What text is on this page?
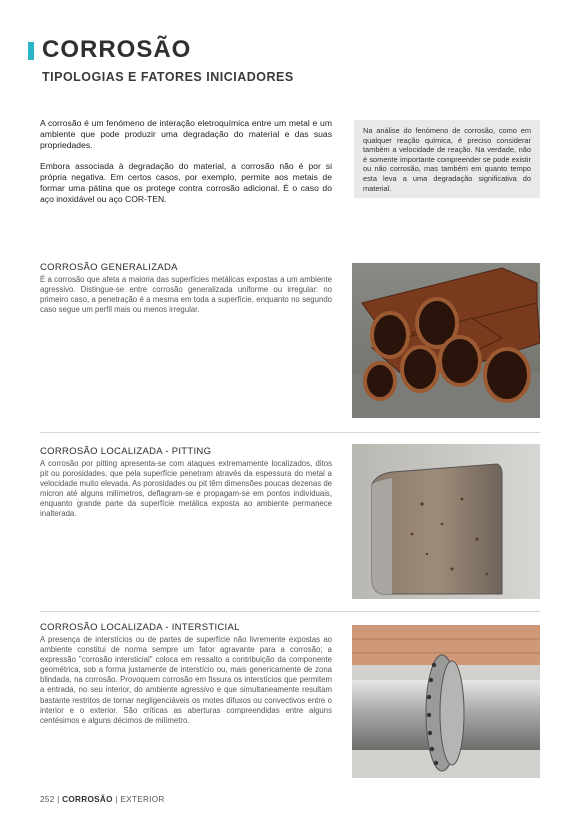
CORROSÃO
TIPOLOGIAS E FATORES INICIADORES

A corrosão é um fenómeno de interação eletroquímica entre um metal e um ambiente que pode produzir uma degradação do material e das suas propriedades.

Embora associada à degradação do material, a corrosão não é por si própria negativa. Em certos casos, por exemplo, permite aos metais de formar uma pátina que os protege contra corrosão adicional. É o caso do aço inoxidável ou aço COR-TEN.

Na análise do fenómeno de corrosão, como em qualquer reação química, é preciso considerar também a velocidade de reação. Na verdade, não é somente importante compreender se pode existir ou não corrosão, mas também em quanto tempo esta leva a uma degradação significativa do material.
CORROSÃO GENERALIZADA
É a corrosão que afeta a maioria das superfícies metálicas expostas a um ambiente agressivo. Distingue-se entre corrosão generalizada uniforme ou irregular: no primeiro caso, a penetração é a mesma em toda a superfície, enquanto no segundo caso segue um perfil mais ou menos irregular.
CORROSÃO LOCALIZADA - PITTING
A corrosão por pitting apresenta-se com ataques extremamente localizados, ditos pit ou porosidades, que pela superfície penetram através da espessura do metal a velocidade muito elevada. As porosidades ou pit têm dimensões poucas dezenas de micron até alguns milímetros, deflagram-se e propagam-se em pontos individuais, enquanto grande parte da superfície metálica exposta ao ambiente permanece inalterada.
CORROSÃO LOCALIZADA - INTERSTICIAL
A presença de interstícios ou de partes de superfície não livremente expostas ao ambiente constitui de norma sempre um fator agravante para a corrosão; a expressão "corrosão intersticial" coloca em ressalto a contribuição da componente geométrica, sob a forma justamente de interstício ou, mais genericamente de zona blindada, na corrosão. Provoquem corrosão em fissura os interstícios que permitem a entrada, no seu interior, do ambiente agressivo e que simultaneamente resultam bastante restritos de tornar negligenciáveis os motes difusos ou convectivos entre o interior e o exterior. São críticas as aberturas compreendidas entre alguns centésimos e alguns décimos de milímetro.
252 | CORROSÃO | EXTERIOR
